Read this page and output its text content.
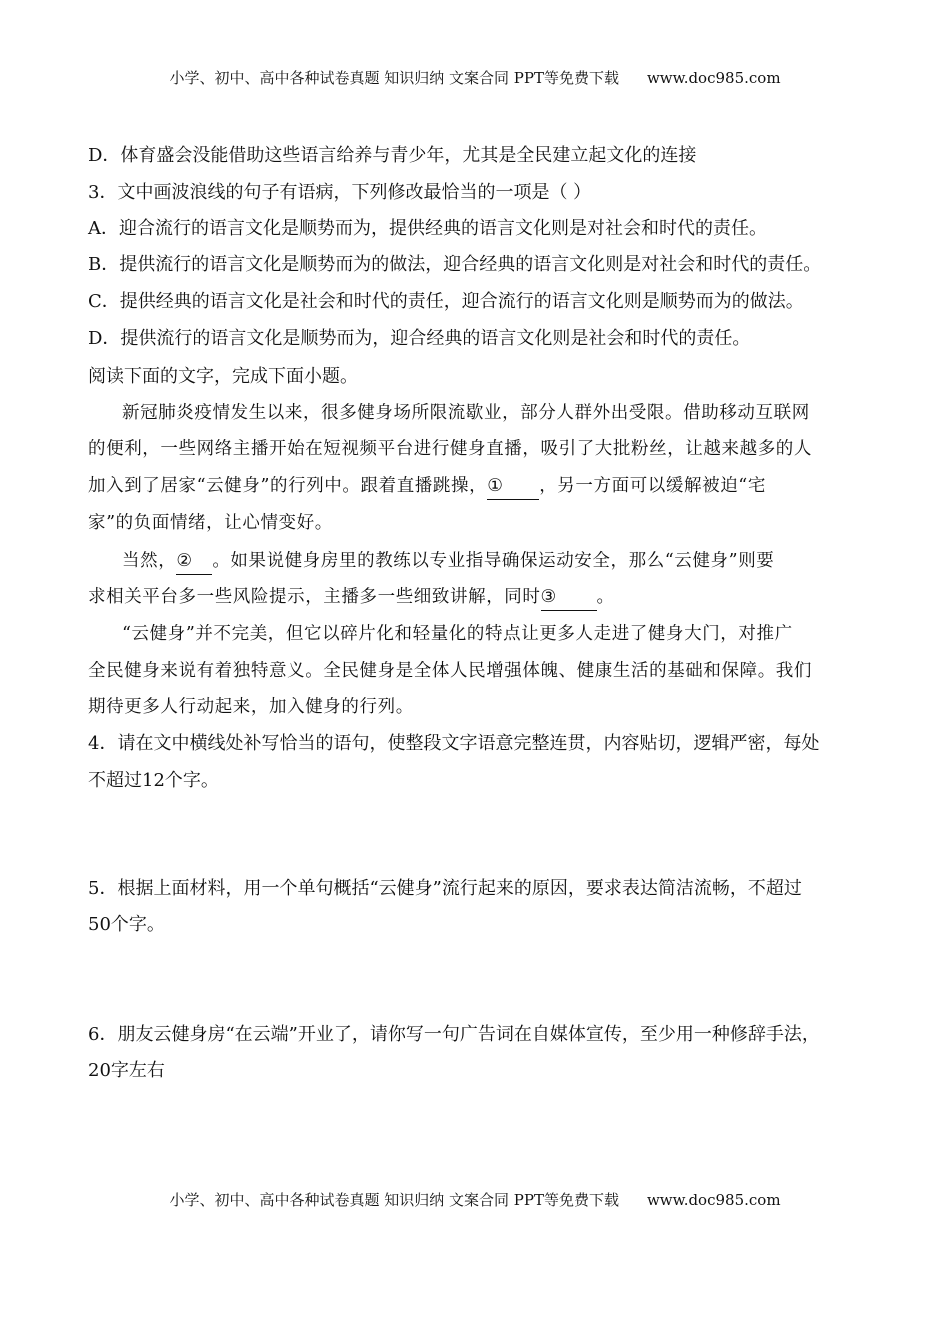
小学、初中、高中各种试卷真题 知识归纳 文案合同 PPT等免费下载 www.doc985.com
D．体育盛会没能借助这些语言给养与青少年，尤其是全民建立起文化的连接
3．文中画波浪线的句子有语病，下列修改最恰当的一项是（ ）
A．迎合流行的语言文化是顺势而为，提供经典的语言文化则是对社会和时代的责任。
B．提供流行的语言文化是顺势而为的做法，迎合经典的语言文化则是对社会和时代的责任。
C．提供经典的语言文化是社会和时代的责任，迎合流行的语言文化则是顺势而为的做法。
D．提供流行的语言文化是顺势而为，迎合经典的语言文化则是社会和时代的责任。
阅读下面的文字，完成下面小题。
新冠肺炎疫情发生以来，很多健身场所限流歇业，部分人群外出受限。借助移动互联网
的便利，一些网络主播开始在短视频平台进行健身直播，吸引了大批粉丝，让越来越多的人
加入到了居家“云健身”的行列中。跟着直播跳操，① ，另一方面可以缓解被迫“宅
家”的负面情绪，让心情变好。
当然，② 。如果说健身房里的教练以专业指导确保运动安全，那么“云健身”则要
求相关平台多一些风险提示，主播多一些细致讲解，同时③ 。
“云健身”并不完美，但它以碎片化和轻量化的特点让更多人走进了健身大门，对推广
全民健身来说有着独特意义。全民健身是全体人民增强体魄、健康生活的基础和保障。我们
期待更多人行动起来，加入健身的行列。
4．请在文中横线处补写恰当的语句，使整段文字语意完整连贯，内容贴切，逻辑严密，每处
不超过12个字。
5．根据上面材料，用一个单句概括“云健身”流行起来的原因，要求表达简洁流畅，不超过
50个字。
6．朋友云健身房“在云端”开业了，请你写一句广告词在自媒体宣传，至少用一种修辞手法，
20字左右
小学、初中、高中各种试卷真题 知识归纳 文案合同 PPT等免费下载 www.doc985.com
